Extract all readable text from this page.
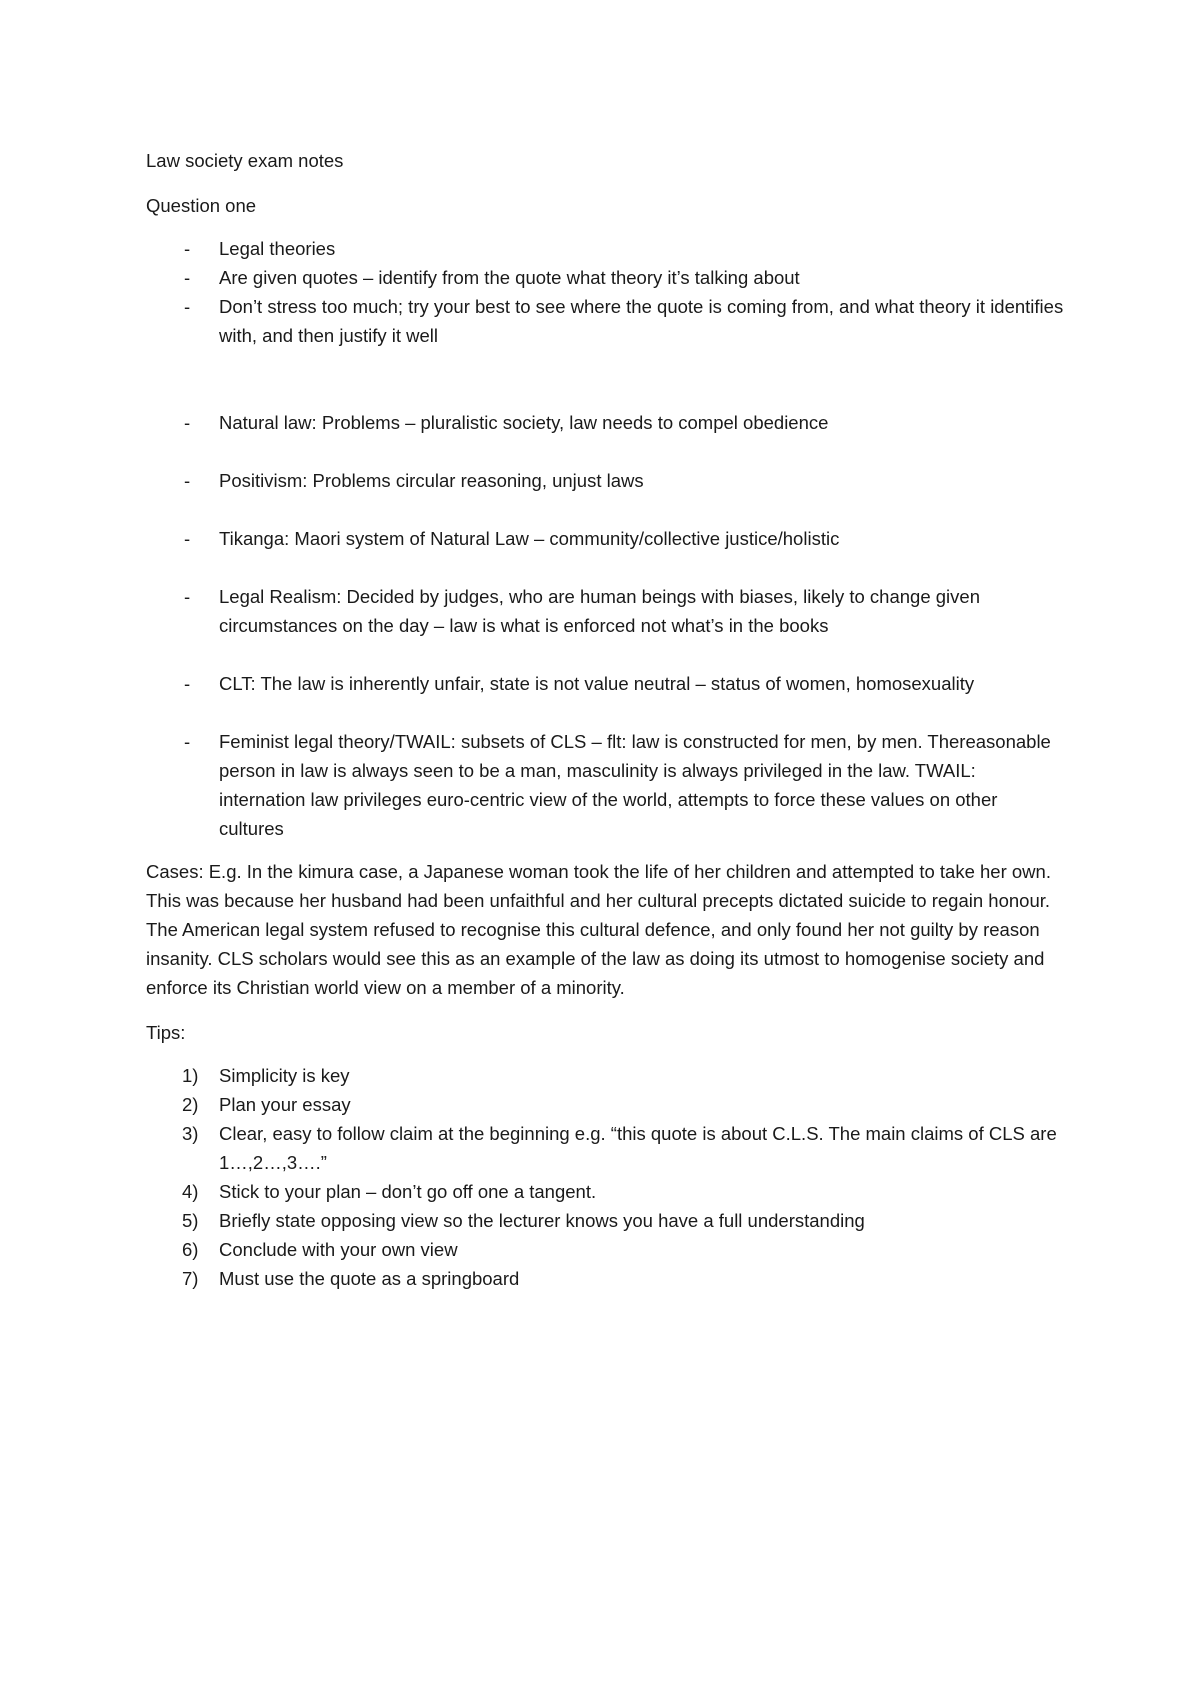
Law society exam notes

Question one

- Legal theories
- Are given quotes – identify from the quote what theory it’s talking about
- Don’t stress too much; try your best to see where the quote is coming from, and what theory it identifies with, and then justify it well
- Natural law: Problems – pluralistic society, law needs to compel obedience
- Positivism: Problems circular reasoning, unjust laws
- Tikanga: Maori system of Natural Law – community/collective justice/holistic
- Legal Realism: Decided by judges, who are human beings with biases, likely to change given circumstances on the day – law is what is enforced not what’s in the books
- CLT: The law is inherently unfair, state is not value neutral – status of women, homosexuality
- Feminist legal theory/TWAIL: subsets of CLS – flt: law is constructed for men, by men. Thereasonable person in law is always seen to be a man, masculinity is always privileged in the law. TWAIL: internation law privileges euro-centric view of the world, attempts to force these values on other cultures

Cases: E.g. In the kimura case, a Japanese woman took the life of her children and attempted to take her own. This was because her husband had been unfaithful and her cultural precepts dictated suicide to regain honour. The American legal system refused to recognise this cultural defence, and only found her not guilty by reason insanity. CLS scholars would see this as an example of the law as doing its utmost to homogenise society and enforce its Christian world view on a member of a minority.

Tips:

1) Simplicity is key
2) Plan your essay
3) Clear, easy to follow claim at the beginning e.g. “this quote is about C.L.S. The main claims of CLS are 1…,2…,3….”
4) Stick to your plan – don’t go off one a tangent.
5) Briefly state opposing view so the lecturer knows you have a full understanding
6) Conclude with your own view
7) Must use the quote as a springboard
